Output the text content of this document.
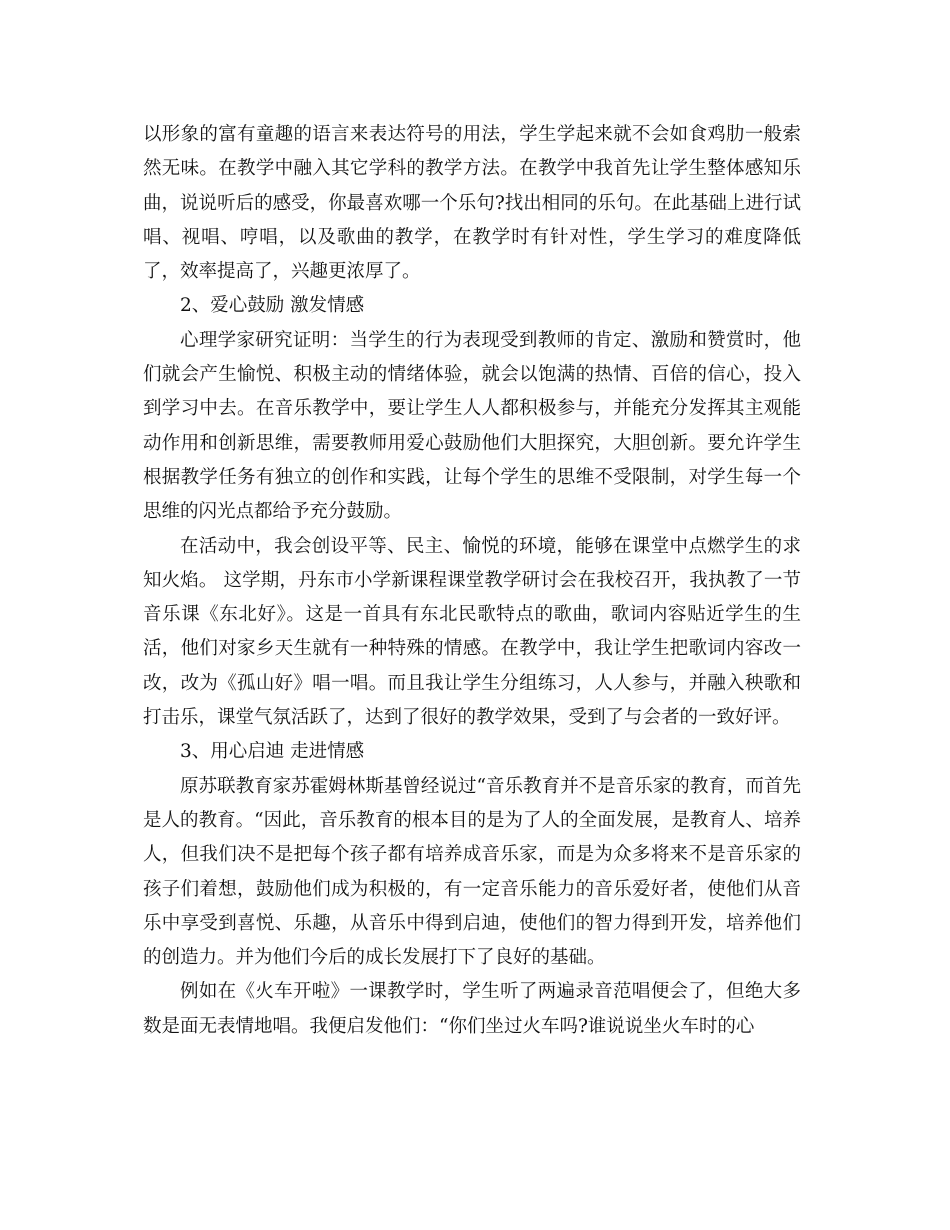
以形象的富有童趣的语言来表达符号的用法，学生学起来就不会如食鸡肋一般索然无味。在教学中融入其它学科的教学方法。在教学中我首先让学生整体感知乐曲，说说听后的感受，你最喜欢哪一个乐句?找出相同的乐句。在此基础上进行试唱、视唱、哼唱，以及歌曲的教学，在教学时有针对性，学生学习的难度降低了，效率提高了，兴趣更浓厚了。

2、爱心鼓励 激发情感

心理学家研究证明：当学生的行为表现受到教师的肯定、激励和赞赏时，他们就会产生愉悦、积极主动的情绪体验，就会以饱满的热情、百倍的信心，投入到学习中去。在音乐教学中，要让学生人人都积极参与，并能充分发挥其主观能动作用和创新思维，需要教师用爱心鼓励他们大胆探究，大胆创新。要允许学生根据教学任务有独立的创作和实践，让每个学生的思维不受限制，对学生每一个思维的闪光点都给予充分鼓励。

在活动中，我会创设平等、民主、愉悦的环境，能够在课堂中点燃学生的求知火焰。 这学期，丹东市小学新课程课堂教学研讨会在我校召开，我执教了一节音乐课《东北好》。这是一首具有东北民歌特点的歌曲，歌词内容贴近学生的生活，他们对家乡天生就有一种特殊的情感。在教学中，我让学生把歌词内容改一改，改为《孤山好》唱一唱。而且我让学生分组练习，人人参与，并融入秧歌和打击乐，课堂气氛活跃了，达到了很好的教学效果，受到了与会者的一致好评。

3、用心启迪 走进情感

原苏联教育家苏霍姆林斯基曾经说过“音乐教育并不是音乐家的教育，而首先是人的教育。“因此，音乐教育的根本目的是为了人的全面发展，是教育人、培养人，但我们决不是把每个孩子都有培养成音乐家，而是为众多将来不是音乐家的孩子们着想，鼓励他们成为积极的，有一定音乐能力的音乐爱好者，使他们从音乐中享受到喜悦、乐趣，从音乐中得到启迪，使他们的智力得到开发，培养他们的创造力。并为他们今后的成长发展打下了良好的基础。

例如在《火车开啦》一课教学时，学生听了两遍录音范唱便会了，但绝大多数是面无表情地唱。我便启发他们：“你们坐过火车吗?谁说说坐火车时的心
